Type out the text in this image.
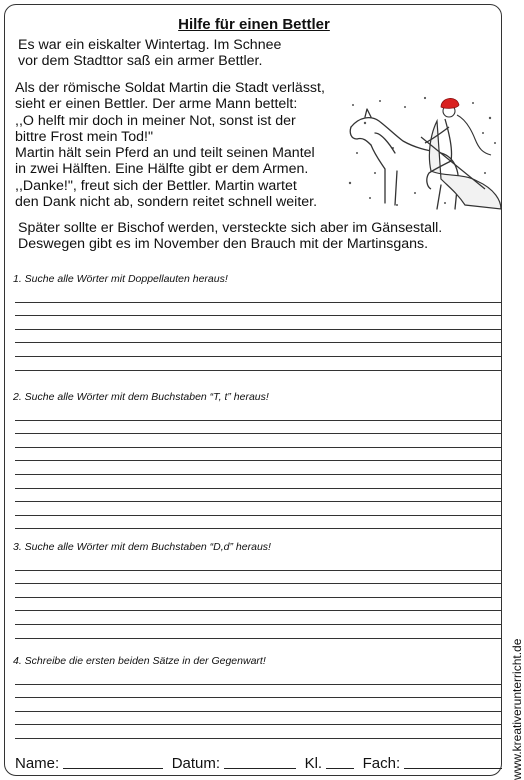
Hilfe für einen Bettler
Es war ein eiskalter Wintertag. Im Schnee
vor dem Stadttor saß ein armer Bettler.
Als der römische Soldat Martin die Stadt verlässt,
sieht er einen Bettler. Der arme Mann bettelt:
,,O helft mir doch in meiner Not, sonst ist der
bittre Frost mein Tod!"
Martin hält sein Pferd an und teilt seinen Mantel
in zwei Hälften. Eine Hälfte gibt er dem Armen.
,,Danke!", freut sich der Bettler. Martin wartet
den Dank nicht ab, sondern reitet schnell weiter.
Später sollte er Bischof werden, versteckte sich aber im Gänsestall.
Deswegen gibt es im November den Brauch mit der Martinsgans.
1. Suche alle Wörter mit Doppellauten heraus!
2. Suche alle Wörter mit dem Buchstaben “T, t” heraus!
3. Suche alle Wörter mit dem Buchstaben “D,d” heraus!
4. Schreibe die ersten beiden Sätze in der Gegenwart!
Name:	Datum:	Kl.	Fach:	www.kreativerunterricht.de
